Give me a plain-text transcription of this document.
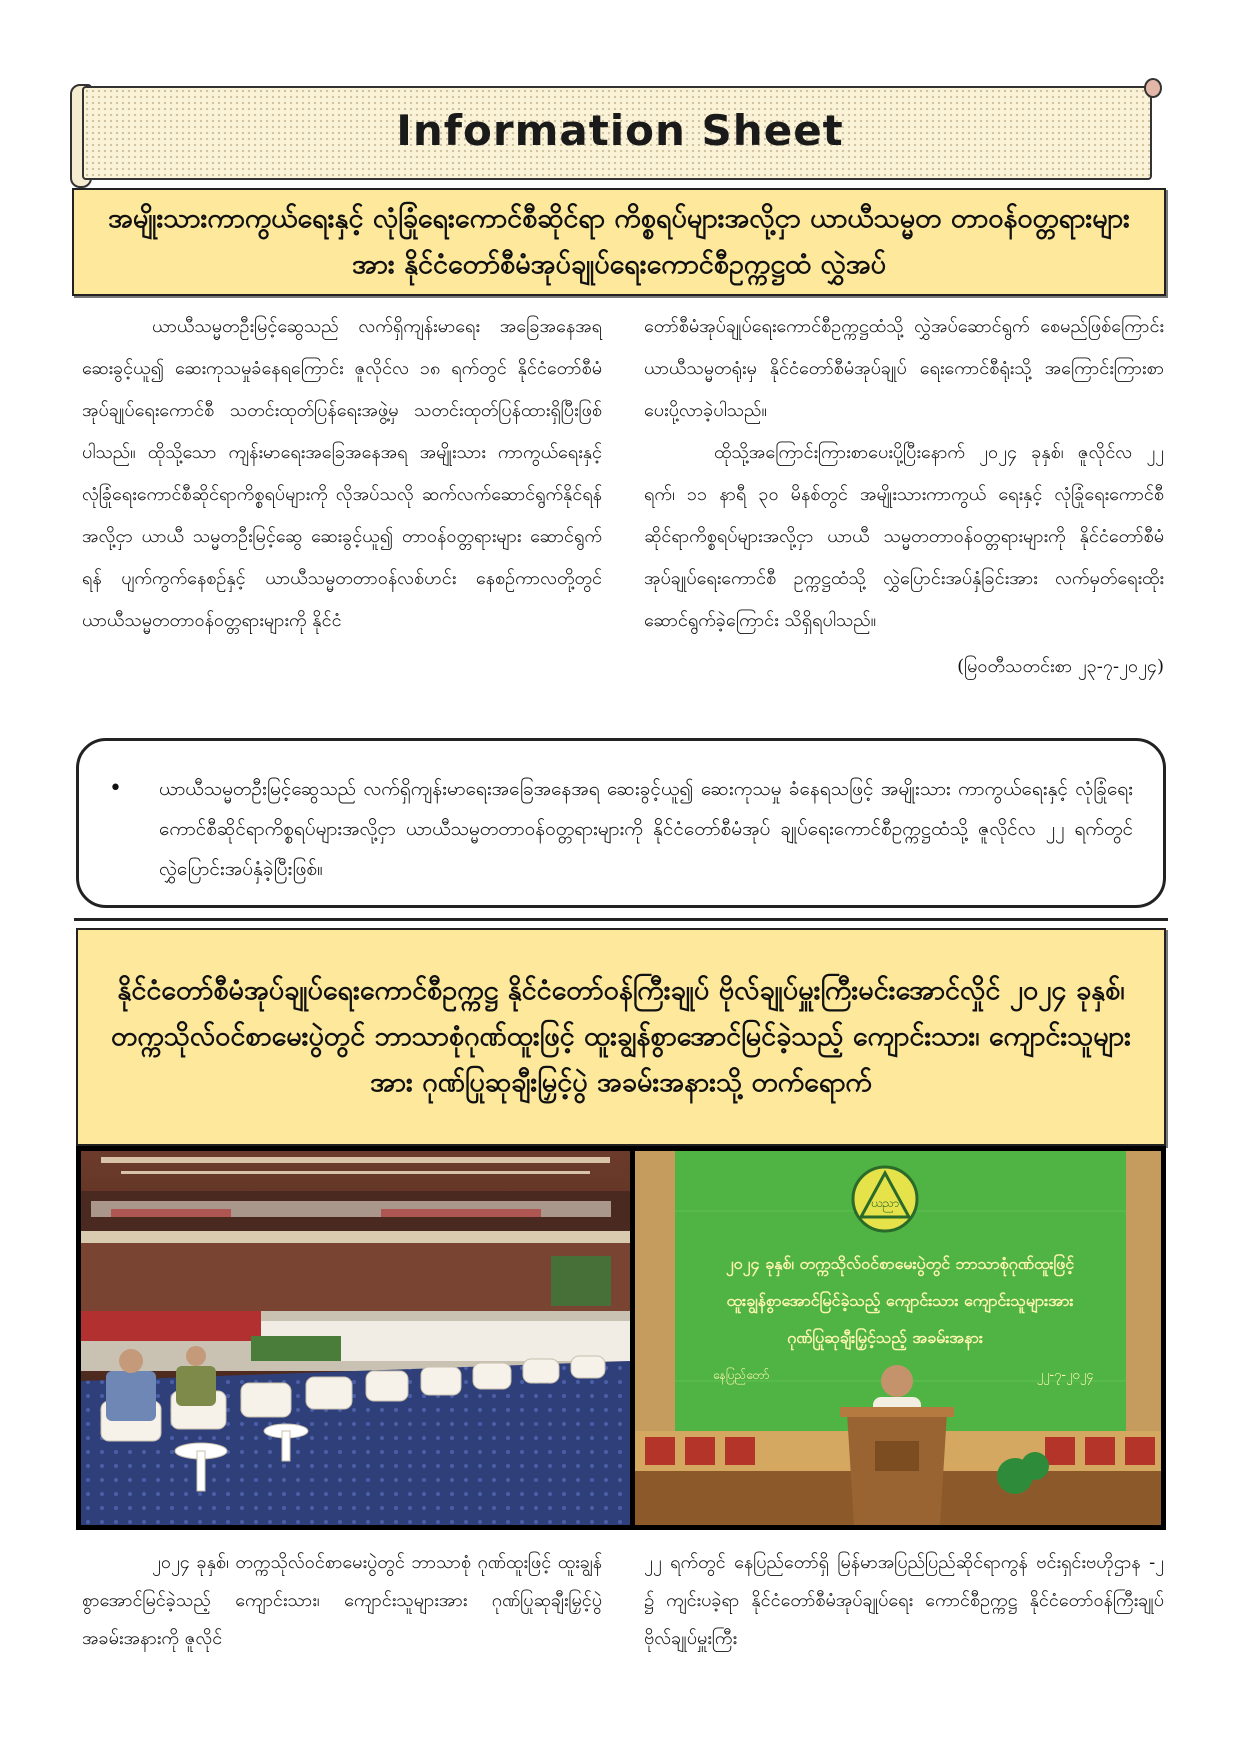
Information Sheet
အမျိုးသားကာကွယ်ရေးနှင့် လုံခြုံရေးကောင်စီဆိုင်ရာ ကိစ္စရပ်များအလို့ငှာ ယာယီသမ္မတ တာဝန်ဝတ္တရားများအား နိုင်ငံတော်စီမံအုပ်ချုပ်ရေးကောင်စီဥက္ကဋ္ဌထံ လွှဲအပ်

ယာယီသမ္မတဦးမြင့်ဆွေသည် လက်ရှိကျန်းမာရေး အခြေအနေအရ ဆေးခွင့်ယူ၍ ဆေးကုသမှုခံနေရကြောင်း ဇူလိုင်လ ၁၈ ရက်တွင် နိုင်ငံတော်စီမံအုပ်ချုပ်ရေးကောင်စီ သတင်းထုတ်ပြန်ရေးအဖွဲ့မှ သတင်းထုတ်ပြန်ထားရှိပြီးဖြစ်ပါသည်။ ထိုသို့သော ကျန်းမာရေးအခြေအနေအရ အမျိုးသား ကာကွယ်ရေးနှင့် လုံခြုံရေးကောင်စီဆိုင်ရာကိစ္စရပ်များကို လိုအပ်သလို ဆက်လက်ဆောင်ရွက်နိုင်ရန်အလို့ငှာ ယာယီ သမ္မတဦးမြင့်ဆွေ ဆေးခွင့်ယူ၍ တာဝန်ဝတ္တရားများ ဆောင်ရွက်ရန် ပျက်ကွက်နေစဉ်နှင့် ယာယီသမ္မတတာဝန်လစ်ဟင်း နေစဉ်ကာလတို့တွင် ယာယီသမ္မတတာဝန်ဝတ္တရားများကို နိုင်ငံ

တော်စီမံအုပ်ချုပ်ရေးကောင်စီဥက္ကဋ္ဌထံသို့ လွှဲအပ်ဆောင်ရွက် စေမည်ဖြစ်ကြောင်း ယာယီသမ္မတရုံးမှ နိုင်ငံတော်စီမံအုပ်ချုပ် ရေးကောင်စီရုံးသို့ အကြောင်းကြားစာပေးပို့လာခဲ့ပါသည်။

ထိုသို့အကြောင်းကြားစာပေးပို့ပြီးနောက် ၂၀၂၄ ခုနှစ်၊ ဇူလိုင်လ ၂၂ ရက်၊ ၁၁ နာရီ ၃၀ မိနစ်တွင် အမျိုးသားကာကွယ် ရေးနှင့် လုံခြုံရေးကောင်စီဆိုင်ရာကိစ္စရပ်များအလို့ငှာ ယာယီ သမ္မတတာဝန်ဝတ္တရားများကို နိုင်ငံတော်စီမံအုပ်ချုပ်ရေးကောင်စီ ဥက္ကဋ္ဌထံသို့ လွှဲပြောင်းအပ်နှံခြင်းအား လက်မှတ်ရေးထိုး ဆောင်ရွက်ခဲ့ကြောင်း သိရှိရပါသည်။

(မြဝတီသတင်းစာ ၂၃-၇-၂၀၂၄)
•	ယာယီသမ္မတဦးမြင့်ဆွေသည် လက်ရှိကျန်းမာရေးအခြေအနေအရ ဆေးခွင့်ယူ၍ ဆေးကုသမှု ခံနေရသဖြင့် အမျိုးသား ကာကွယ်ရေးနှင့် လုံခြုံရေးကောင်စီဆိုင်ရာကိစ္စရပ်များအလို့ငှာ ယာယီသမ္မတတာဝန်ဝတ္တရားများကို နိုင်ငံတော်စီမံအုပ် ချုပ်ရေးကောင်စီဥက္ကဋ္ဌထံသို့ ဇူလိုင်လ ၂၂ ရက်တွင် လွှဲပြောင်းအပ်နှံခဲ့ပြီးဖြစ်။
နိုင်ငံတော်စီမံအုပ်ချုပ်ရေးကောင်စီဥက္ကဋ္ဌ နိုင်ငံတော်ဝန်ကြီးချုပ် ဗိုလ်ချုပ်မှူးကြီးမင်းအောင်လှိုင် ၂၀၂၄ ခုနှစ်၊ တက္ကသိုလ်ဝင်စာမေးပွဲတွင် ဘာသာစုံဂုဏ်ထူးဖြင့် ထူးချွန်စွာအောင်မြင်ခဲ့သည့် ကျောင်းသား၊ ကျောင်းသူများအား ဂုဏ်ပြုဆုချီးမြှင့်ပွဲ အခမ်းအနားသို့ တက်ရောက်
ယညာ
၂၀၂၄ ခုနှစ်၊ တက္ကသိုလ်ဝင်စာမေးပွဲတွင် ဘာသာစုံဂုဏ်ထူးဖြင့်
ထူးချွန်စွာအောင်မြင်ခဲ့သည့် ကျောင်းသား ကျောင်းသူများအား
ဂုဏ်ပြုဆုချီးမြှင့်သည့် အခမ်းအနား
နေပြည်တော်	၂၂-၇-၂၀၂၄

၂၀၂၄ ခုနှစ်၊ တက္ကသိုလ်ဝင်စာမေးပွဲတွင် ဘာသာစုံ ဂုဏ်ထူးဖြင့် ထူးချွန်စွာအောင်မြင်ခဲ့သည့် ကျောင်းသား၊ ကျောင်းသူများအား ဂုဏ်ပြုဆုချီးမြှင့်ပွဲအခမ်းအနားကို ဇူလိုင်

၂၂ ရက်တွင် နေပြည်တော်ရှိ မြန်မာအပြည်ပြည်ဆိုင်ရာကွန် ဗင်းရှင်းဗဟိုဌာန -၂ ၌ ကျင်းပခဲ့ရာ နိုင်ငံတော်စီမံအုပ်ချုပ်ရေး ကောင်စီဥက္ကဋ္ဌ နိုင်ငံတော်ဝန်ကြီးချုပ် ဗိုလ်ချုပ်မှူးကြီး
